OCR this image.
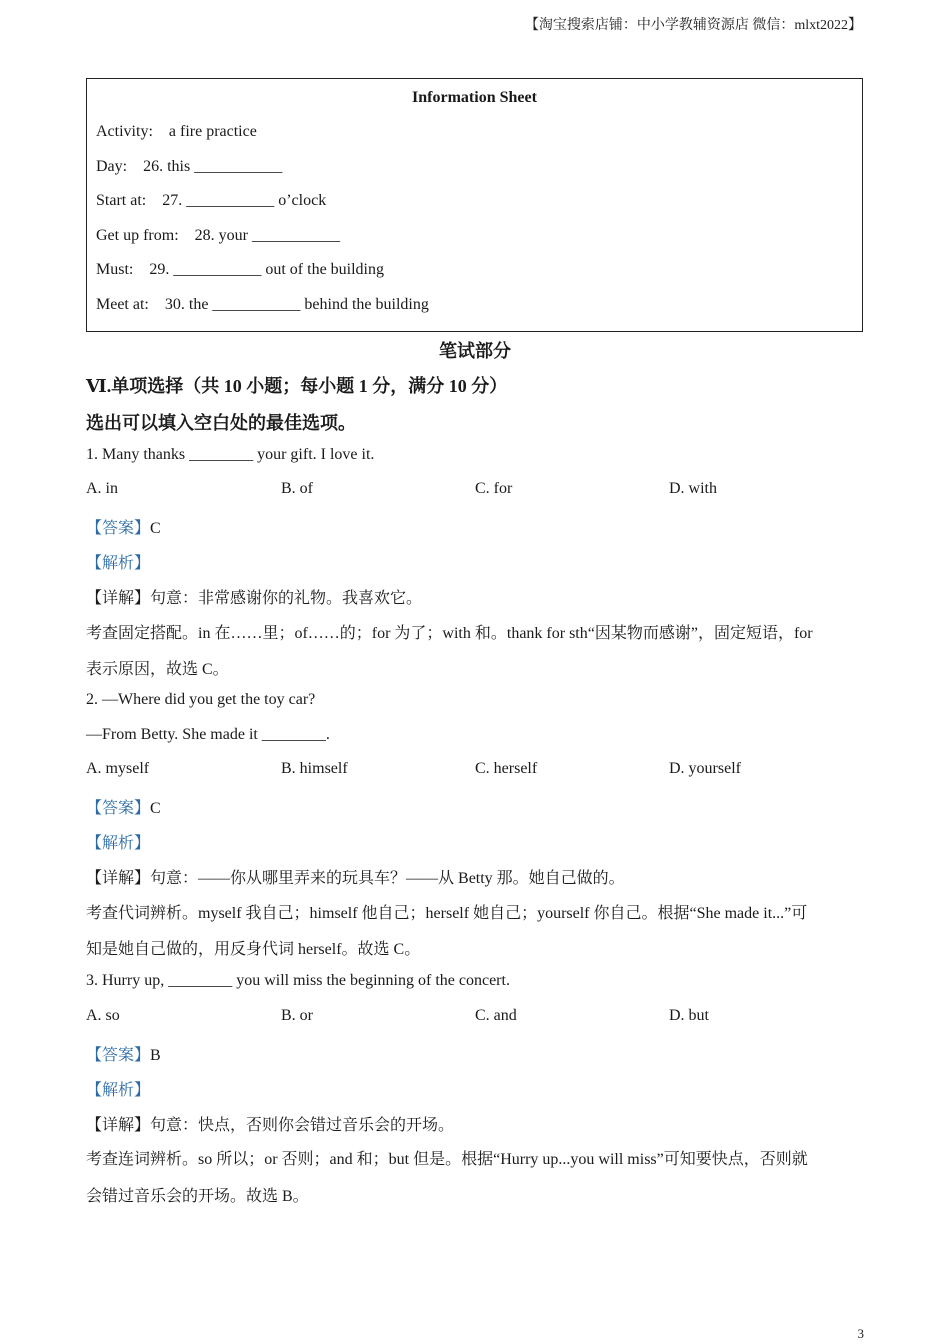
【淘宝搜索店铺：中小学教辅资源店 微信：mlxt2022】
Information Sheet
Activity:    a fire practice
Day:    26. this ___________
Start at:    27. ___________ o’clock
Get up from:    28. your ___________
Must:    29. ___________ out of the building
Meet at:    30. the ___________ behind the building
笔试部分
Ⅵ.单项选择（共 10 小题；每小题 1 分，满分 10 分）
选出可以填入空白处的最佳选项。
1. Many thanks ________ your gift. I love it.
A. in	B. of	C. for	D. with
【答案】C
【解析】
【详解】句意：非常感谢你的礼物。我喜欢它。
考查固定搭配。in 在……里；of……的；for 为了；with 和。thank for sth“因某物而感谢”，固定短语，for
表示原因，故选 C。
2. —Where did you get the toy car?
—From Betty. She made it ________.
A. myself	B. himself	C. herself	D. yourself
【答案】C
【解析】
【详解】句意：——你从哪里弄来的玩具车？——从 Betty 那。她自己做的。
考查代词辨析。myself 我自己；himself 他自己；herself 她自己；yourself 你自己。根据“She made it...”可
知是她自己做的，用反身代词 herself。故选 C。
3. Hurry up, ________ you will miss the beginning of the concert.
A. so	B. or	C. and	D. but
【答案】B
【解析】
【详解】句意：快点，否则你会错过音乐会的开场。
考查连词辨析。so 所以；or 否则；and 和；but 但是。根据“Hurry up...you will miss”可知要快点，否则就
会错过音乐会的开场。故选 B。
3
